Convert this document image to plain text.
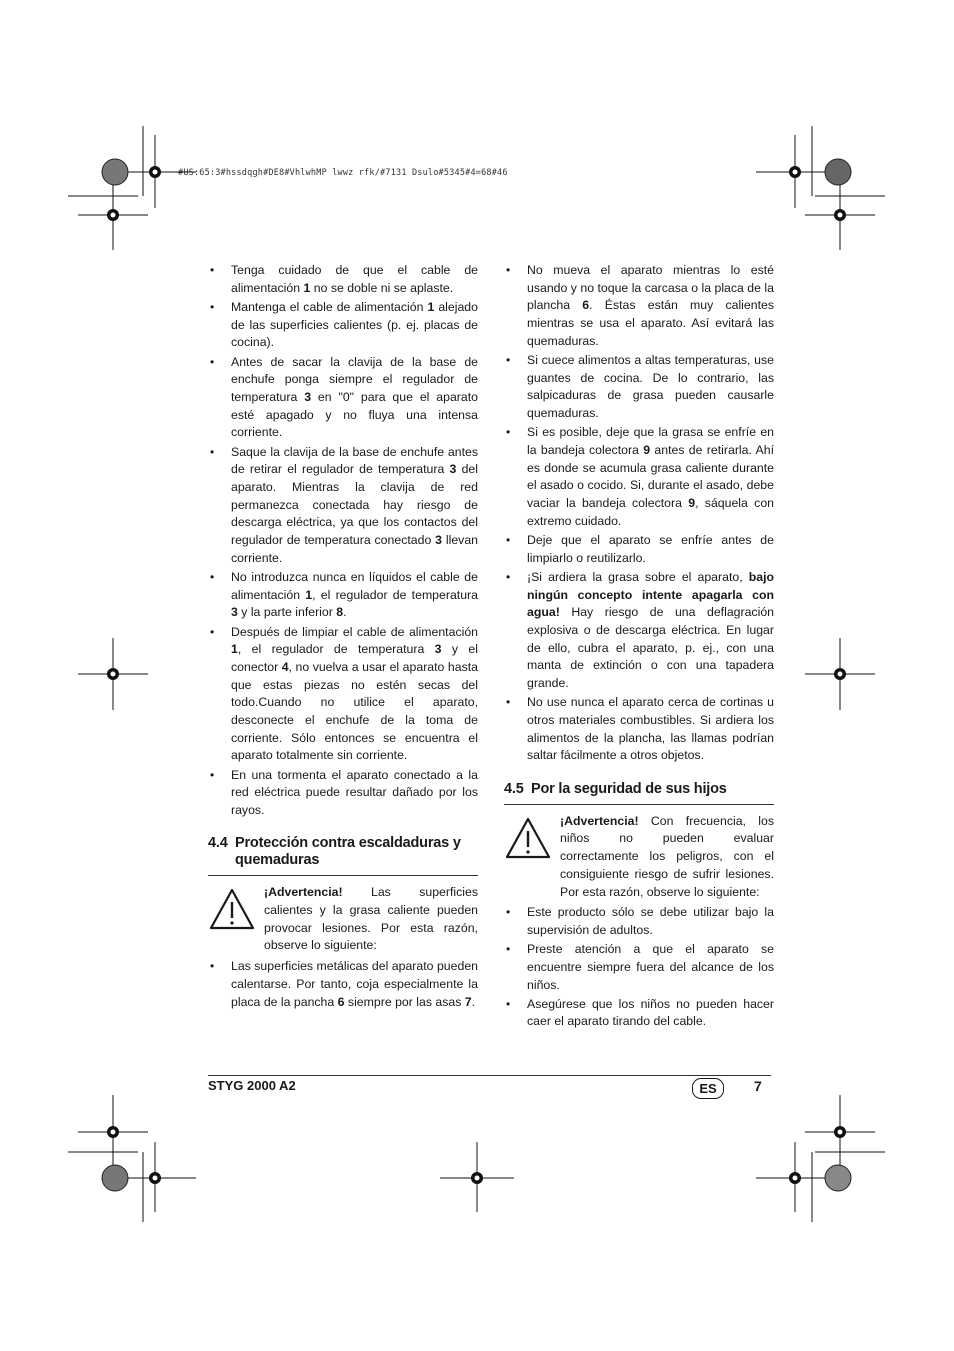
#US:65:3#hssdqgh#DE8#VhlwhMP lwwz rfk/#7131 Dsulo#5345#4=68#46
• Tenga cuidado de que el cable de alimentación 1 no se doble ni se aplaste.
• Mantenga el cable de alimentación 1 alejado de las superficies calientes (p. ej. placas de cocina).
• Antes de sacar la clavija de la base de enchufe ponga siempre el regulador de temperatura 3 en "0" para que el aparato esté apagado y no fluya una intensa corriente.
• Saque la clavija de la base de enchufe antes de retirar el regulador de temperatura 3 del aparato. Mientras la clavija de red permanezca conectada hay riesgo de descarga eléctrica, ya que los contactos del regulador de temperatura conectado 3 llevan corriente.
• No introduzca nunca en líquidos el cable de alimentación 1, el regulador de temperatura 3 y la parte inferior 8.
• Después de limpiar el cable de alimentación 1, el regulador de temperatura 3 y el conector 4, no vuelva a usar el aparato hasta que estas piezas no estén secas del todo.Cuando no utilice el aparato, desconecte el enchufe de la toma de corriente. Sólo entonces se encuentra el aparato totalmente sin corriente.
• En una tormenta el aparato conectado a la red eléctrica puede resultar dañado por los rayos.
4.4 Protección contra escaldaduras y
quemaduras
¡Advertencia! Las superficies calientes y la grasa caliente pueden provocar lesiones. Por esta razón, observe lo siguiente:
• Las superficies metálicas del aparato pueden calentarse. Por tanto, coja especialmente la placa de la pancha 6 siempre por las asas 7.
• No mueva el aparato mientras lo esté usando y no toque la carcasa o la placa de la plancha 6. Éstas están muy calientes mientras se usa el aparato. Así evitará las quemaduras.
• Si cuece alimentos a altas temperaturas, use guantes de cocina. De lo contrario, las salpicaduras de grasa pueden causarle quemaduras.
• Si es posible, deje que la grasa se enfríe en la bandeja colectora 9 antes de retirarla. Ahí es donde se acumula grasa caliente durante el asado o cocido. Si, durante el asado, debe vaciar la bandeja colectora 9, sáquela con extremo cuidado.
• Deje que el aparato se enfríe antes de limpiarlo o reutilizarlo.
• ¡Si ardiera la grasa sobre el aparato, bajo ningún concepto intente apagarla con agua! Hay riesgo de una deflagración explosiva o de descarga eléctrica. En lugar de ello, cubra el aparato, p. ej., con una manta de extinción o con una tapadera grande.
• No use nunca el aparato cerca de cortinas u otros materiales combustibles. Si ardiera los alimentos de la plancha, las llamas podrían saltar fácilmente a otros objetos.
4.5 Por la seguridad de sus hijos
¡Advertencia! Con frecuencia, los niños no pueden evaluar correctamente los peligros, con el consiguiente riesgo de sufrir lesiones. Por esta razón, observe lo siguiente:
• Este producto sólo se debe utilizar bajo la supervisión de adultos.
• Preste atención a que el aparato se encuentre siempre fuera del alcance de los niños.
• Asegúrese que los niños no pueden hacer caer el aparato tirando del cable.
STYG 2000 A2	ES	7
